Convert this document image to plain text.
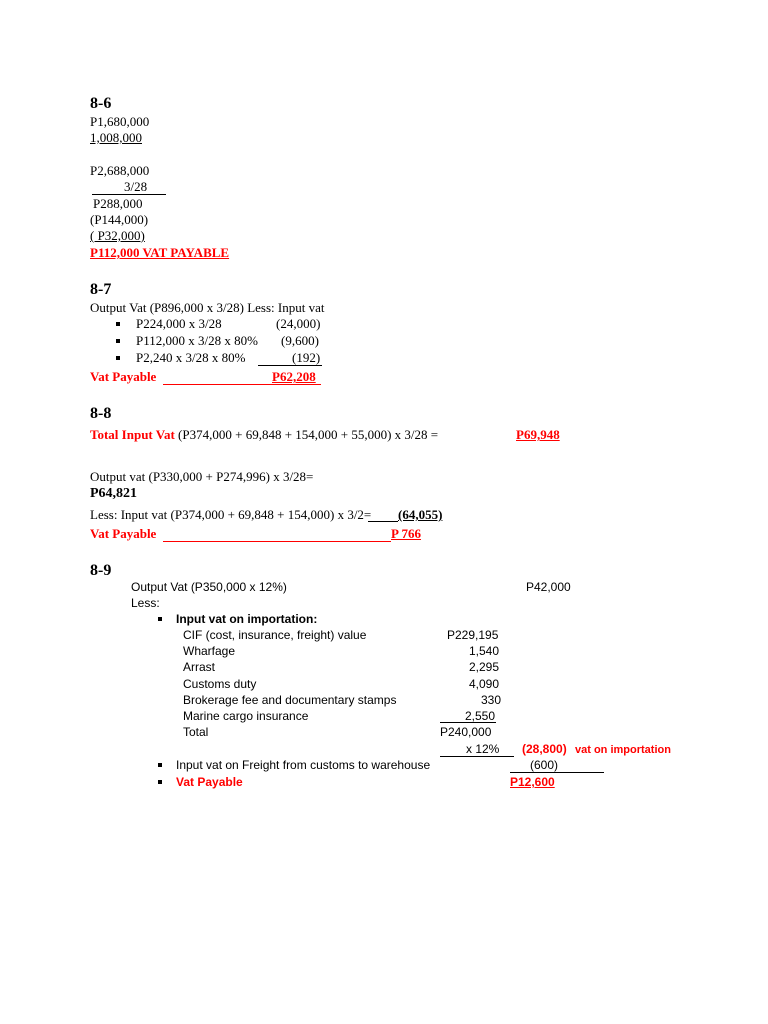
8-6
P1,680,000
1,008,000
P2,688,000
3/28
P288,000
(P144,000)
( P32,000)
P112,000 VAT PAYABLE
8-7
Output Vat (P896,000 x 3/28) Less: Input vat
P224,000 x 3/28	(24,000)
P112,000 x 3/28 x 80% (9,600)
P2,240 x 3/28 x 80%	(192)
Vat Payable	P62,208
8-8
Total Input Vat (P374,000 + 69,848 + 154,000 + 55,000) x 3/28 =	P69,948
Output vat (P330,000 + P274,996) x 3/28=
P64,821
Less: Input vat (P374,000 + 69,848 + 154,000) x 3/2= (64,055)
Vat Payable	P 766
8-9
Output Vat (P350,000 x 12%)	P42,000
Less:
Input vat on importation:
CIF (cost, insurance, freight) value	P229,195
Wharfage	1,540
Arrast	2,295
Customs duty	4,090
Brokerage fee and documentary stamps	330
Marine cargo insurance	2,550
Total	P240,000
x 12% (28,800) vat on importation
Input vat on Freight from customs to warehouse	(600)
Vat Payable	P12,600
